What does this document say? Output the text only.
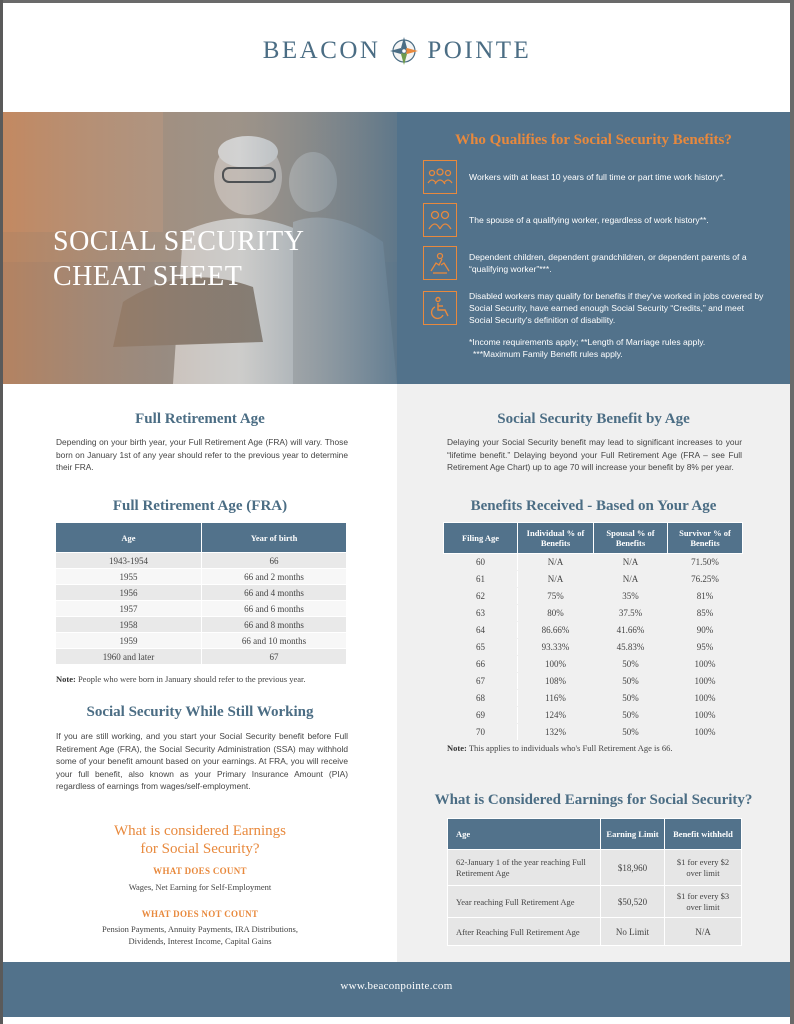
BEACON POINTE
SOCIAL SECURITY
CHEAT SHEET
Who Qualifies for Social Security Benefits?
Workers with at least 10 years of full time or part time work history*.
The spouse of a qualifying worker, regardless of work history**.
Dependent children, dependent grandchildren, or dependent parents of a “qualifying worker”***.
Disabled workers may qualify for benefits if they've worked in jobs covered by Social Security, have earned enough Social Security “Credits,” and meet Social Security's definition of disability.
*Income requirements apply; **Length of Marriage rules apply.
***Maximum Family Benefit rules apply.
Full Retirement Age
Depending on your birth year, your Full Retirement Age (FRA) will vary. Those born on January 1st of any year should refer to the previous year to determine their FRA.
Full Retirement Age (FRA)
Age	Year of birth
1943-1954	66
1955	66 and 2 months
1956	66 and 4 months
1957	66 and 6 months
1958	66 and 8 months
1959	66 and 10 months
1960 and later	67
Note: People who were born in January should refer to the previous year.
Social Security While Still Working
If you are still working, and you start your Social Security benefit before Full Retirement Age (FRA), the Social Security Administration (SSA) may withhold some of your benefit amount based on your earnings. At FRA, you will receive your full benefit, also known as your Primary Insurance Amount (PIA) regardless of earnings from wages/self-employment.
What is considered Earnings
for Social Security?
WHAT DOES COUNT
Wages, Net Earning for Self-Employment
WHAT DOES NOT COUNT
Pension Payments, Annuity Payments, IRA Distributions,
Dividends, Interest Income, Capital Gains
Social Security Benefit by Age
Delaying your Social Security benefit may lead to significant increases to your “lifetime benefit.” Delaying beyond your Full Retirement Age (FRA – see Full Retirement Age Chart) up to age 70 will increase your benefit by 8% per year.
Benefits Received - Based on Your Age
Filing Age	Individual % of Benefits	Spousal % of Benefits	Survivor % of Benefits
60	N/A	N/A	71.50%
61	N/A	N/A	76.25%
62	75%	35%	81%
63	80%	37.5%	85%
64	86.66%	41.66%	90%
65	93.33%	45.83%	95%
66	100%	50%	100%
67	108%	50%	100%
68	116%	50%	100%
69	124%	50%	100%
70	132%	50%	100%
Note: This applies to individuals who's Full Retirement Age is 66.
What is Considered Earnings for Social Security?
Age	Earning Limit	Benefit withheld
62-January 1 of the year reaching Full Retirement Age	$18,960	$1 for every $2 over limit
Year reaching Full Retirement Age	$50,520	$1 for every $3 over limit
After Reaching Full Retirement Age	No Limit	N/A
www.beaconpointe.com
